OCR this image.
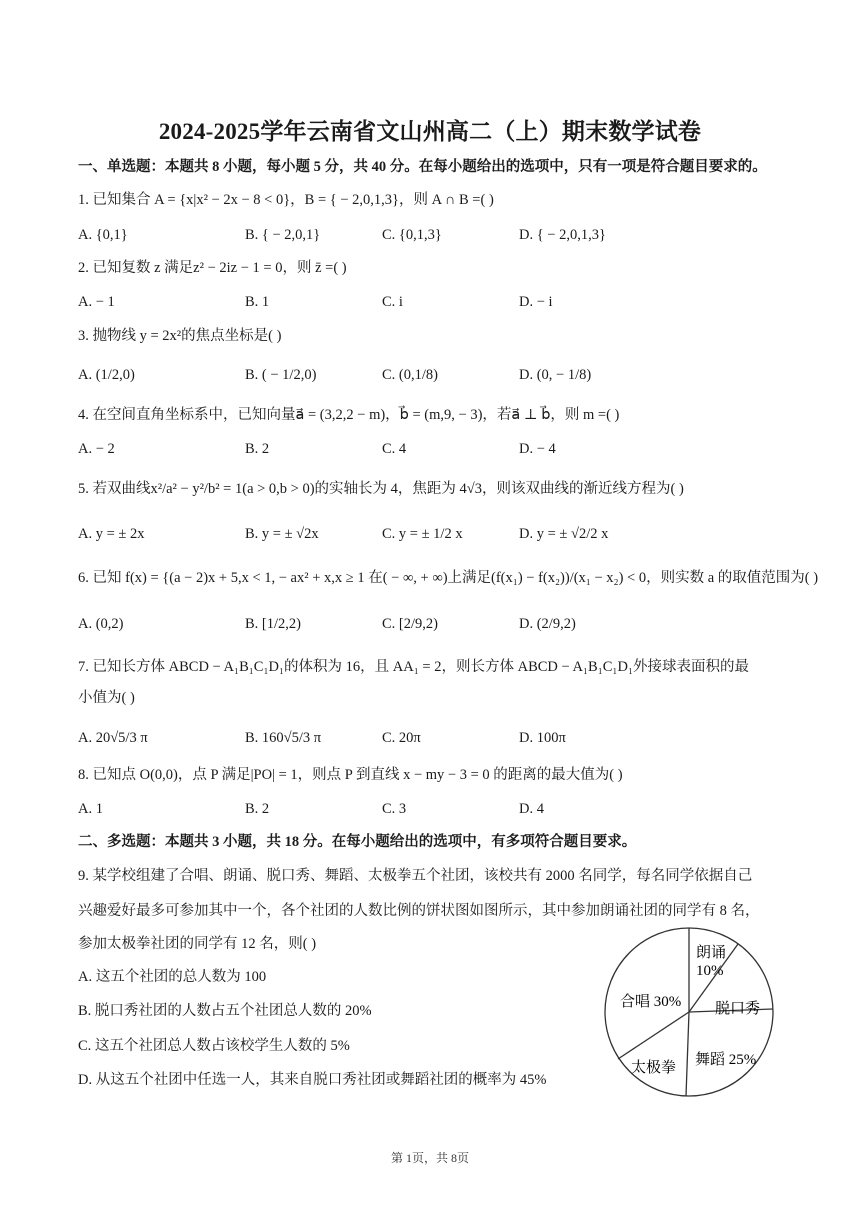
2024-2025学年云南省文山州高二（上）期末数学试卷
一、单选题：本题共 8 小题，每小题 5 分，共 40 分。在每小题给出的选项中，只有一项是符合题目要求的。
1. 已知集合 A = {x|x² − 2x − 8 < 0}，B = { − 2,0,1,3}，则 A ∩ B =( )
A. {0,1}	B. { − 2,0,1}	C. {0,1,3}	D. { − 2,0,1,3}
2. 已知复数 z 满足z² − 2iz − 1 = 0，则 z̄ =( )
A. − 1	B. 1	C. i	D. − i
3. 抛物线 y = 2x²的焦点坐标是( )
A. (1/2,0)	B. ( − 1/2,0)	C. (0,1/8)	D. (0, − 1/8)
4. 在空间直角坐标系中，已知向量a⃗ = (3,2,2 − m)，b⃗ = (m,9, − 3)，若a⃗ ⊥ b⃗，则 m =( )
A. − 2	B. 2	C. 4	D. − 4
5. 若双曲线x²/a² − y²/b² = 1(a > 0,b > 0)的实轴长为 4，焦距为 4√3，则该双曲线的渐近线方程为( )
A. y = ± 2x	B. y = ± √2x	C. y = ± 1/2 x	D. y = ± √2/2 x
6. 已知 f(x) = {(a − 2)x + 5,x < 1, − ax² + x,x ≥ 1 在( − ∞, + ∞)上满足(f(x₁) − f(x₂))/(x₁ − x₂) < 0，则实数 a 的取值范围为( )
A. (0,2)	B. [1/2,2)	C. [2/9,2)	D. (2/9,2)
7. 已知长方体 ABCD − A₁B₁C₁D₁的体积为 16，且 AA₁ = 2，则长方体 ABCD − A₁B₁C₁D₁外接球表面积的最
小值为( )
A. 20√5/3 π	B. 160√5/3 π	C. 20π	D. 100π
8. 已知点 O(0,0)，点 P 满足|PO| = 1，则点 P 到直线 x − my − 3 = 0 的距离的最大值为( )
A. 1	B. 2	C. 3	D. 4
二、多选题：本题共 3 小题，共 18 分。在每小题给出的选项中，有多项符合题目要求。
9. 某学校组建了合唱、朗诵、脱口秀、舞蹈、太极拳五个社团，该校共有 2000 名同学，每名同学依据自己
兴趣爱好最多可参加其中一个，各个社团的人数比例的饼状图如图所示，其中参加朗诵社团的同学有 8 名，
参加太极拳社团的同学有 12 名，则( )
A. 这五个社团的总人数为 100
B. 脱口秀社团的人数占五个社团总人数的 20%
C. 这五个社团总人数占该校学生人数的 5%
D. 从这五个社团中任选一人，其来自脱口秀社团或舞蹈社团的概率为 45%
朗诵
10%
脱口秀
舞蹈 25%
太极拳
合唱 30%
第 1页，共 8页
